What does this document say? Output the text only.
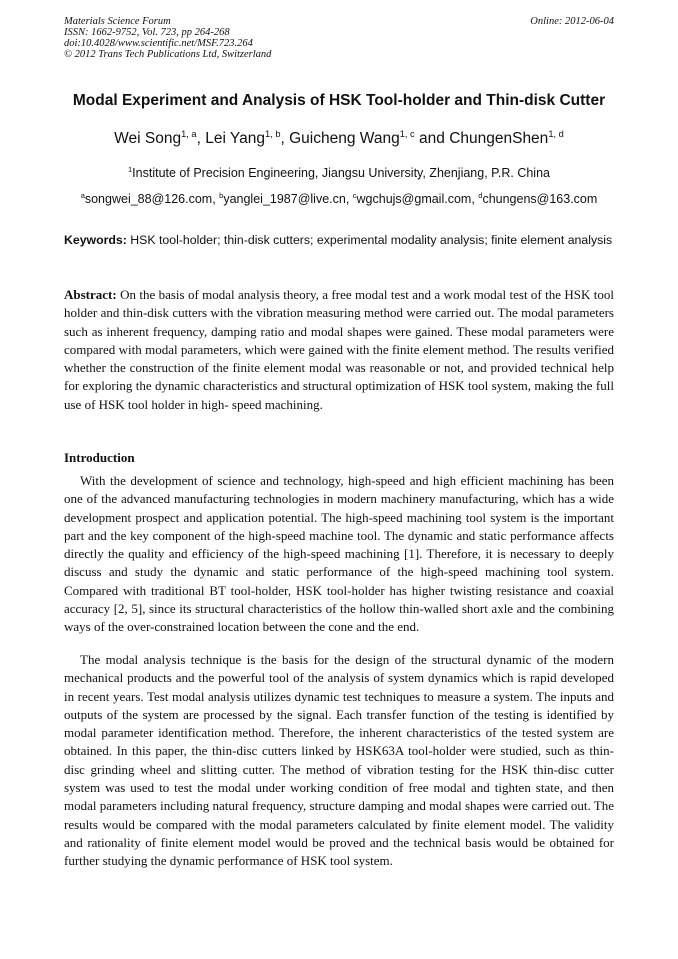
Materials Science Forum
ISSN: 1662-9752, Vol. 723, pp 264-268
doi:10.4028/www.scientific.net/MSF.723.264
© 2012 Trans Tech Publications Ltd, Switzerland
Online: 2012-06-04
Modal Experiment and Analysis of HSK Tool-holder and Thin-disk Cutter
Wei Song$^{1, a}$, Lei Yang$^{1, b}$, Guicheng Wang$^{1, c}$ and ChungenShen$^{1, d}$
$^1$Institute of Precision Engineering, Jiangsu University, Zhenjiang, P.R. China
$^a$songwei_88@126.com, $^b$yanglei_1987@live.cn, $^c$wgchujs@gmail.com, $^d$chungens@163.com
Keywords: HSK tool-holder; thin-disk cutters; experimental modality analysis; finite element analysis
Abstract: On the basis of modal analysis theory, a free modal test and a work modal test of the HSK tool holder and thin-disk cutters with the vibration measuring method were carried out. The modal parameters such as inherent frequency, damping ratio and modal shapes were gained. These modal parameters were compared with modal parameters, which were gained with the finite element method. The results verified whether the construction of the finite element modal was reasonable or not, and provided technical help for exploring the dynamic characteristics and structural optimization of HSK tool system, making the full use of HSK tool holder in high- speed machining.
Introduction
With the development of science and technology, high-speed and high efficient machining has been one of the advanced manufacturing technologies in modern machinery manufacturing, which has a wide development prospect and application potential. The high-speed machining tool system is the important part and the key component of the high-speed machine tool. The dynamic and static performance affects directly the quality and efficiency of the high-speed machining [1]. Therefore, it is necessary to deeply discuss and study the dynamic and static performance of the high-speed machining tool system. Compared with traditional BT tool-holder, HSK tool-holder has higher twisting resistance and coaxial accuracy [2, 5], since its structural characteristics of the hollow thin-walled short axle and the combining ways of the over-constrained location between the cone and the end.
The modal analysis technique is the basis for the design of the structural dynamic of the modern mechanical products and the powerful tool of the analysis of system dynamics which is rapid developed in recent years. Test modal analysis utilizes dynamic test techniques to measure a system. The inputs and outputs of the system are processed by the signal. Each transfer function of the testing is identified by modal parameter identification method. Therefore, the inherent characteristics of the tested system are obtained. In this paper, the thin-disc cutters linked by HSK63A tool-holder were studied, such as thin-disc grinding wheel and slitting cutter. The method of vibration testing for the HSK thin-disc cutter system was used to test the modal under working condition of free modal and tighten state, and then modal parameters including natural frequency, structure damping and modal shapes were carried out. The results would be compared with the modal parameters calculated by finite element model. The validity and rationality of finite element model would be proved and the technical basis would be obtained for further studying the dynamic performance of HSK tool system.
